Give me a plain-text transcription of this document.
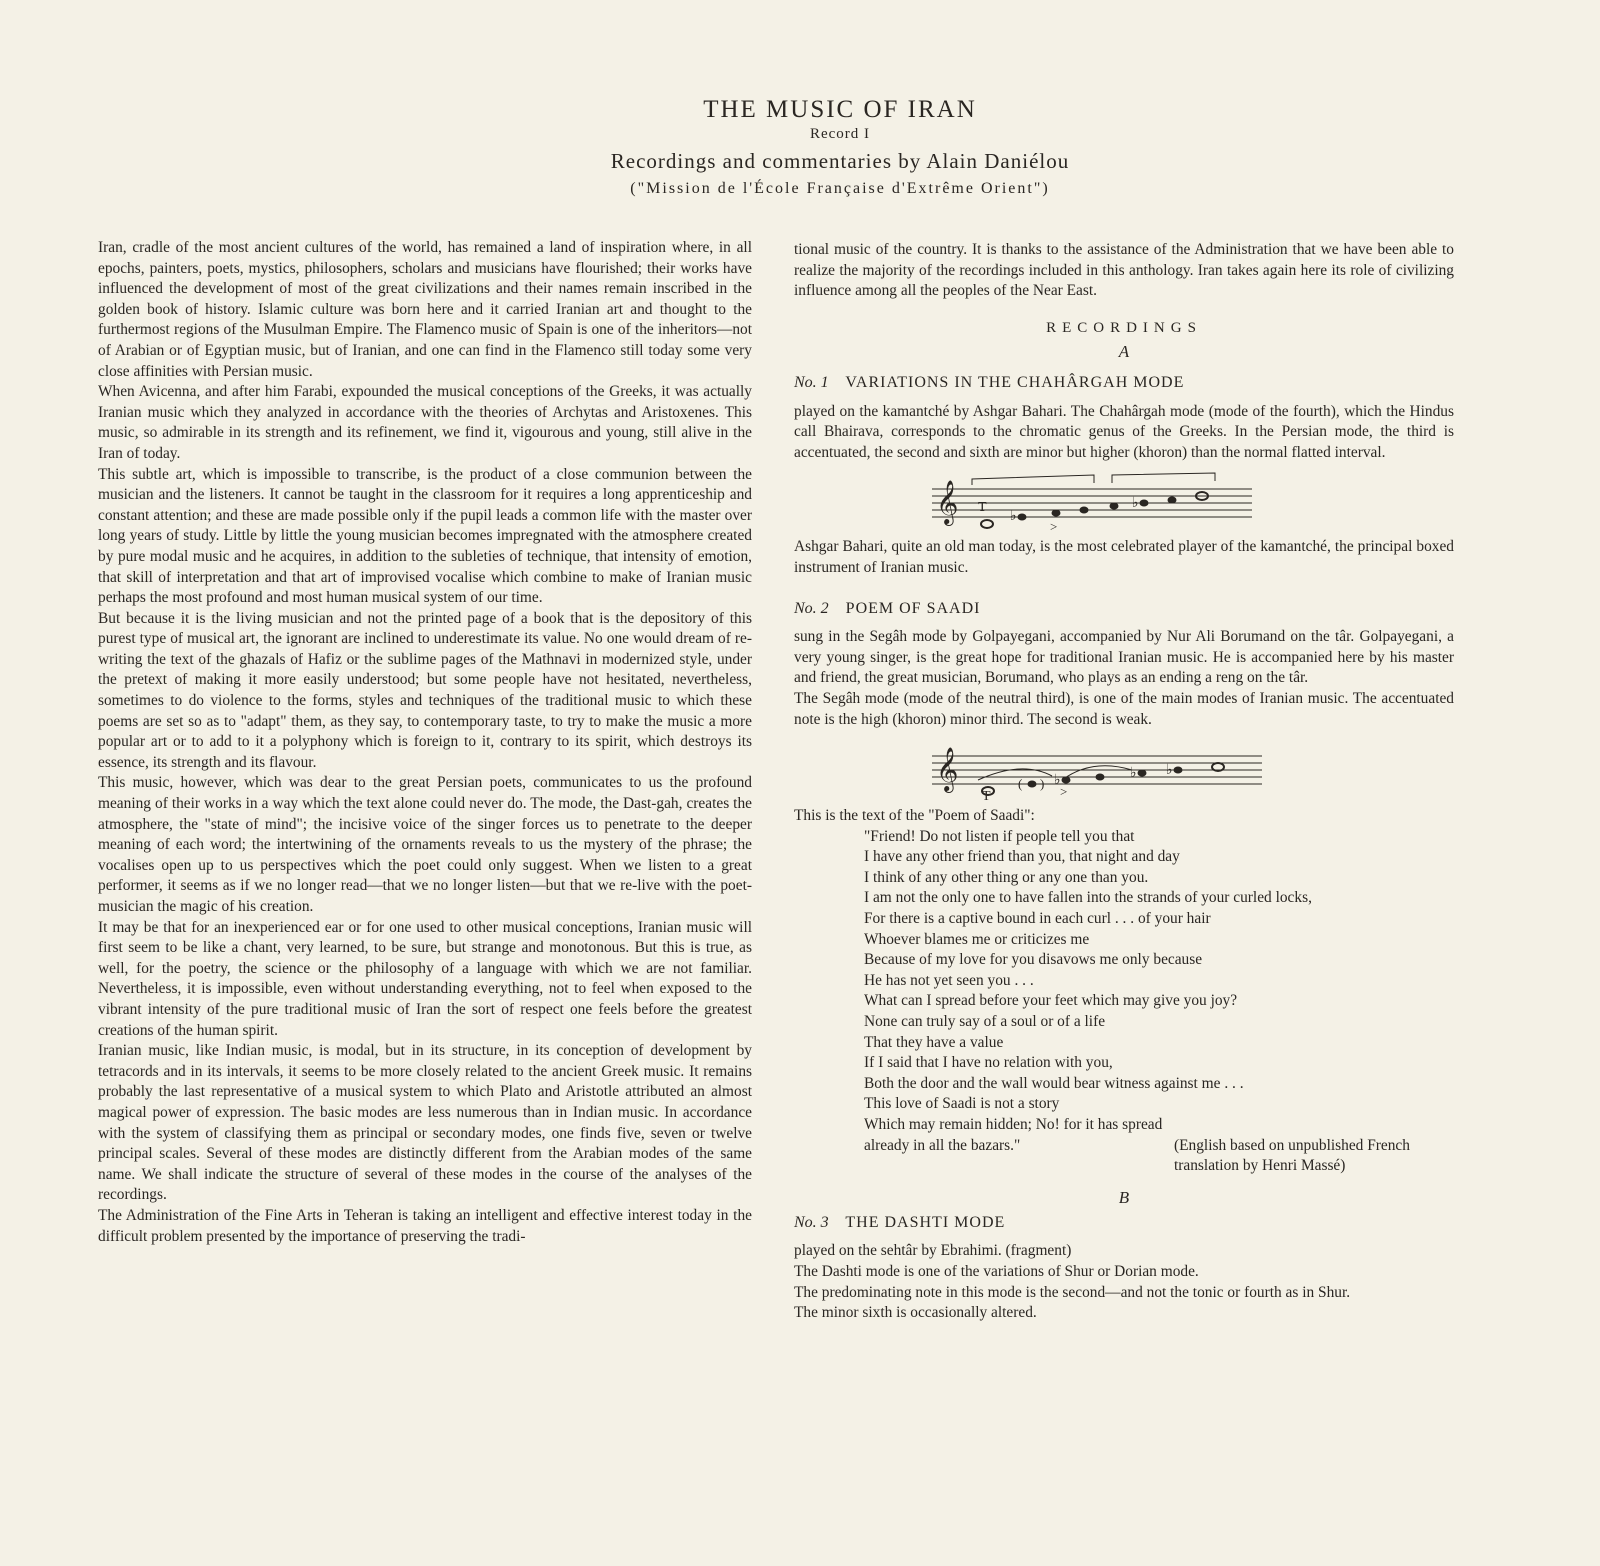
THE MUSIC OF IRAN
Record I
Recordings and commentaries by Alain Daniélou
("Mission de l'École Française d'Extrême Orient")

Iran, cradle of the most ancient cultures of the world, has remained a land of inspiration where, in all epochs, painters, poets, mystics, philosophers, scholars and musicians have flourished; their works have influenced the development of most of the great civilizations and their names remain inscribed in the golden book of history. Islamic culture was born here and it carried Iranian art and thought to the furthermost regions of the Musulman Empire. The Flamenco music of Spain is one of the inheritors—not of Arabian or of Egyptian music, but of Iranian, and one can find in the Flamenco still today some very close affinities with Persian music.

When Avicenna, and after him Farabi, expounded the musical conceptions of the Greeks, it was actually Iranian music which they analyzed in accordance with the theories of Archytas and Aristoxenes. This music, so admirable in its strength and its refinement, we find it, vigourous and young, still alive in the Iran of today.

This subtle art, which is impossible to transcribe, is the product of a close communion between the musician and the listeners. It cannot be taught in the classroom for it requires a long apprenticeship and constant attention; and these are made possible only if the pupil leads a common life with the master over long years of study. Little by little the young musician becomes impregnated with the atmosphere created by pure modal music and he acquires, in addition to the subleties of technique, that intensity of emotion, that skill of interpretation and that art of improvised vocalise which combine to make of Iranian music perhaps the most profound and most human musical system of our time.

But because it is the living musician and not the printed page of a book that is the depository of this purest type of musical art, the ignorant are inclined to underestimate its value. No one would dream of re-writing the text of the ghazals of Hafiz or the sublime pages of the Mathnavi in modernized style, under the pretext of making it more easily understood; but some people have not hesitated, nevertheless, sometimes to do violence to the forms, styles and techniques of the traditional music to which these poems are set so as to "adapt" them, as they say, to contemporary taste, to try to make the music a more popular art or to add to it a polyphony which is foreign to it, contrary to its spirit, which destroys its essence, its strength and its flavour.

This music, however, which was dear to the great Persian poets, communicates to us the profound meaning of their works in a way which the text alone could never do. The mode, the Dast-gah, creates the atmosphere, the "state of mind"; the incisive voice of the singer forces us to penetrate to the deeper meaning of each word; the intertwining of the ornaments reveals to us the mystery of the phrase; the vocalises open up to us perspectives which the poet could only suggest. When we listen to a great performer, it seems as if we no longer read—that we no longer listen—but that we re-live with the poet-musician the magic of his creation.

It may be that for an inexperienced ear or for one used to other musical conceptions, Iranian music will first seem to be like a chant, very learned, to be sure, but strange and monotonous. But this is true, as well, for the poetry, the science or the philosophy of a language with which we are not familiar. Nevertheless, it is impossible, even without understanding everything, not to feel when exposed to the vibrant intensity of the pure traditional music of Iran the sort of respect one feels before the greatest creations of the human spirit.

Iranian music, like Indian music, is modal, but in its structure, in its conception of development by tetracords and in its intervals, it seems to be more closely related to the ancient Greek music. It remains probably the last representative of a musical system to which Plato and Aristotle attributed an almost magical power of expression. The basic modes are less numerous than in Indian music. In accordance with the system of classifying them as principal or secondary modes, one finds five, seven or twelve principal scales. Several of these modes are distinctly different from the Arabian modes of the same name. We shall indicate the structure of several of these modes in the course of the analyses of the recordings.

The Administration of the Fine Arts in Teheran is taking an intelligent and effective interest today in the difficult problem presented by the importance of preserving the tradi-

tional music of the country. It is thanks to the assistance of the Administration that we have been able to realize the majority of the recordings included in this anthology. Iran takes again here its role of civilizing influence among all the peoples of the Near East.

RECORDINGS
A
No. 1 VARIATIONS IN THE CHAHÂRGAH MODE

played on the kamantché by Ashgar Bahari. The Chahârgah mode (mode of the fourth), which the Hindus call Bhairava, corresponds to the chromatic genus of the Greeks. In the Persian mode, the third is accentuated, the second and sixth are minor but higher (khoron) than the normal flatted interval.

𝄞 T
♭
♭
>

Ashgar Bahari, quite an old man today, is the most celebrated player of the kamantché, the principal boxed instrument of Iranian music.

No. 2 POEM OF SAADI

sung in the Segâh mode by Golpayegani, accompanied by Nur Ali Borumand on the târ. Golpayegani, a very young singer, is the great hope for traditional Iranian music. He is accompanied here by his master and friend, the great musician, Borumand, who plays as an ending a reng on the târ.

The Segâh mode (mode of the neutral third), is one of the main modes of Iranian music. The accentuated note is the high (khoron) minor third. The second is weak.

𝄞	( ) ♭	♭ ♭
>
T

This is the text of the "Poem of Saadi":

"Friend! Do not listen if people tell you that

I have any other friend than you, that night and day

I think of any other thing or any one than you.

I am not the only one to have fallen into the strands of your curled locks,

For there is a captive bound in each curl . . . of your hair

Whoever blames me or criticizes me

Because of my love for you disavows me only because

He has not yet seen you . . .

What can I spread before your feet which may give you joy?

None can truly say of a soul or of a life

That they have a value

If I said that I have no relation with you,

Both the door and the wall would bear witness against me . . .

This love of Saadi is not a story

Which may remain hidden; No! for it has spread

already in all the bazars."	(English based on unpublished French
translation by Henri Massé)
B
No. 3 THE DASHTI MODE

played on the sehtâr by Ebrahimi. (fragment)

The Dashti mode is one of the variations of Shur or Dorian mode.

The predominating note in this mode is the second—and not the tonic or fourth as in Shur.

The minor sixth is occasionally altered.
